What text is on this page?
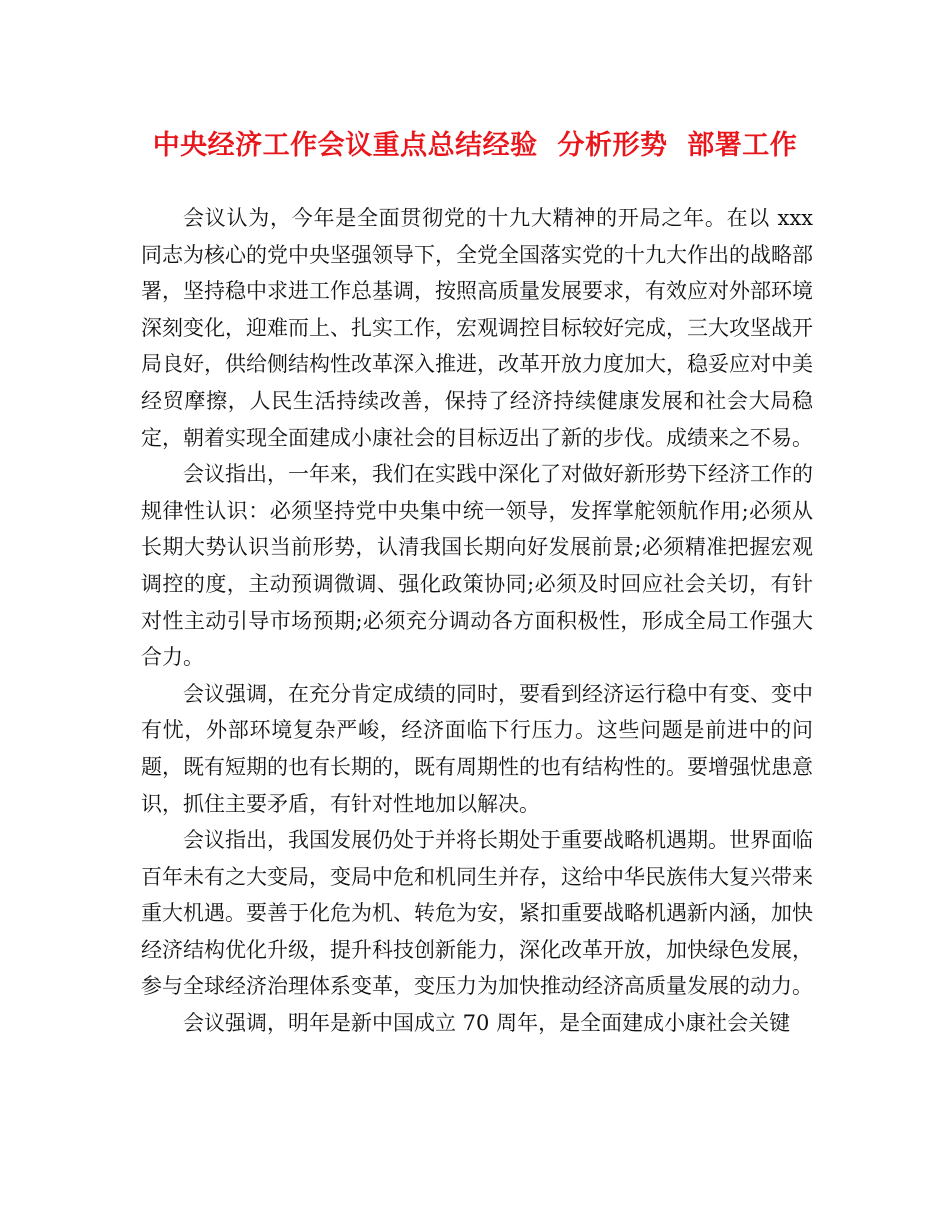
中央经济工作会议重点总结经验  分析形势  部署工作

会议认为，今年是全面贯彻党的十九大精神的开局之年。在以 xxx 同志为核心的党中央坚强领导下，全党全国落实党的十九大作出的战略部署，坚持稳中求进工作总基调，按照高质量发展要求，有效应对外部环境深刻变化，迎难而上、扎实工作，宏观调控目标较好完成，三大攻坚战开局良好，供给侧结构性改革深入推进，改革开放力度加大，稳妥应对中美经贸摩擦，人民生活持续改善，保持了经济持续健康发展和社会大局稳定，朝着实现全面建成小康社会的目标迈出了新的步伐。成绩来之不易。

会议指出，一年来，我们在实践中深化了对做好新形势下经济工作的规律性认识：必须坚持党中央集中统一领导，发挥掌舵领航作用;必须从长期大势认识当前形势，认清我国长期向好发展前景;必须精准把握宏观调控的度，主动预调微调、强化政策协同;必须及时回应社会关切，有针对性主动引导市场预期;必须充分调动各方面积极性，形成全局工作强大合力。

会议强调，在充分肯定成绩的同时，要看到经济运行稳中有变、变中有忧，外部环境复杂严峻，经济面临下行压力。这些问题是前进中的问题，既有短期的也有长期的，既有周期性的也有结构性的。要增强忧患意识，抓住主要矛盾，有针对性地加以解决。

会议指出，我国发展仍处于并将长期处于重要战略机遇期。世界面临百年未有之大变局，变局中危和机同生并存，这给中华民族伟大复兴带来重大机遇。要善于化危为机、转危为安，紧扣重要战略机遇新内涵，加快经济结构优化升级，提升科技创新能力，深化改革开放，加快绿色发展，参与全球经济治理体系变革，变压力为加快推动经济高质量发展的动力。

会议强调，明年是新中国成立 70 周年，是全面建成小康社会关键
